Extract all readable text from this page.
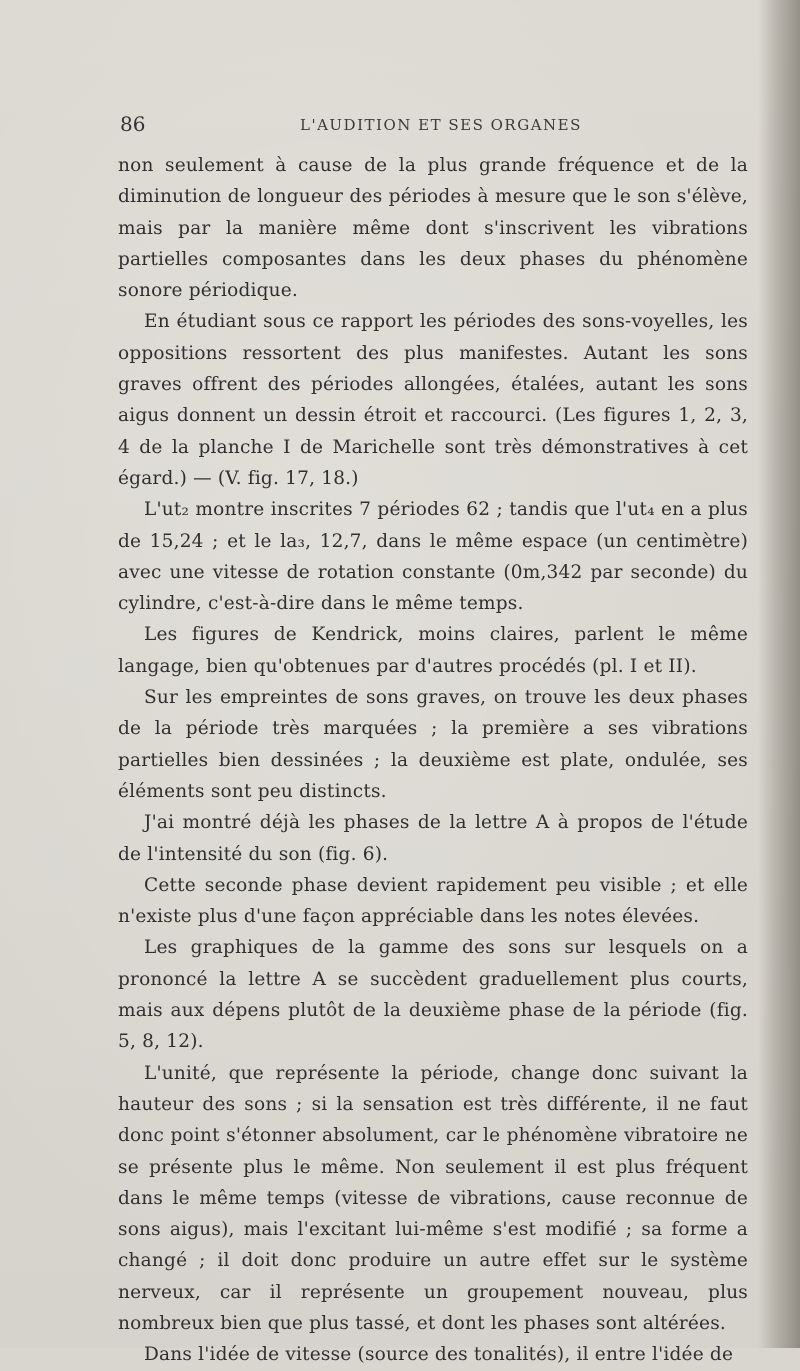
86	L'AUDITION ET SES ORGANES

non seulement à cause de la plus grande fréquence et de la diminution de longueur des périodes à mesure que le son s'élève, mais par la manière même dont s'inscrivent les vibrations partielles composantes dans les deux phases du phénomène sonore périodique.

En étudiant sous ce rapport les périodes des sons-voyelles, les oppositions ressortent des plus manifestes. Autant les sons graves offrent des périodes allongées, étalées, autant les sons aigus donnent un dessin étroit et raccourci. (Les figures 1, 2, 3, 4 de la planche I de Marichelle sont très démonstratives à cet égard.) — (V. fig. 17, 18.)

L'ut₂ montre inscrites 7 périodes 62 ; tandis que l'ut₄ en a plus de 15,24 ; et le la₃, 12,7, dans le même espace (un centimètre) avec une vitesse de rotation constante (0m,342 par seconde) du cylindre, c'est-à-dire dans le même temps.

Les figures de Kendrick, moins claires, parlent le même langage, bien qu'obtenues par d'autres procédés (pl. I et II).

Sur les empreintes de sons graves, on trouve les deux phases de la période très marquées ; la première a ses vibrations partielles bien dessinées ; la deuxième est plate, ondulée, ses éléments sont peu distincts.

J'ai montré déjà les phases de la lettre A à propos de l'étude de l'intensité du son (fig. 6).

Cette seconde phase devient rapidement peu visible ; et elle n'existe plus d'une façon appréciable dans les notes élevées.

Les graphiques de la gamme des sons sur lesquels on a prononcé la lettre A se succèdent graduellement plus courts, mais aux dépens plutôt de la deuxième phase de la période (fig. 5, 8, 12).

L'unité, que représente la période, change donc suivant la hauteur des sons ; si la sensation est très différente, il ne faut donc point s'étonner absolument, car le phénomène vibratoire ne se présente plus le même. Non seulement il est plus fréquent dans le même temps (vitesse de vibrations, cause reconnue de sons aigus), mais l'excitant lui-même s'est modifié ; sa forme a changé ; il doit donc produire un autre effet sur le système nerveux, car il représente un groupement nouveau, plus nombreux bien que plus tassé, et dont les phases sont altérées.

Dans l'idée de vitesse (source des tonalités), il entre l'idée de
